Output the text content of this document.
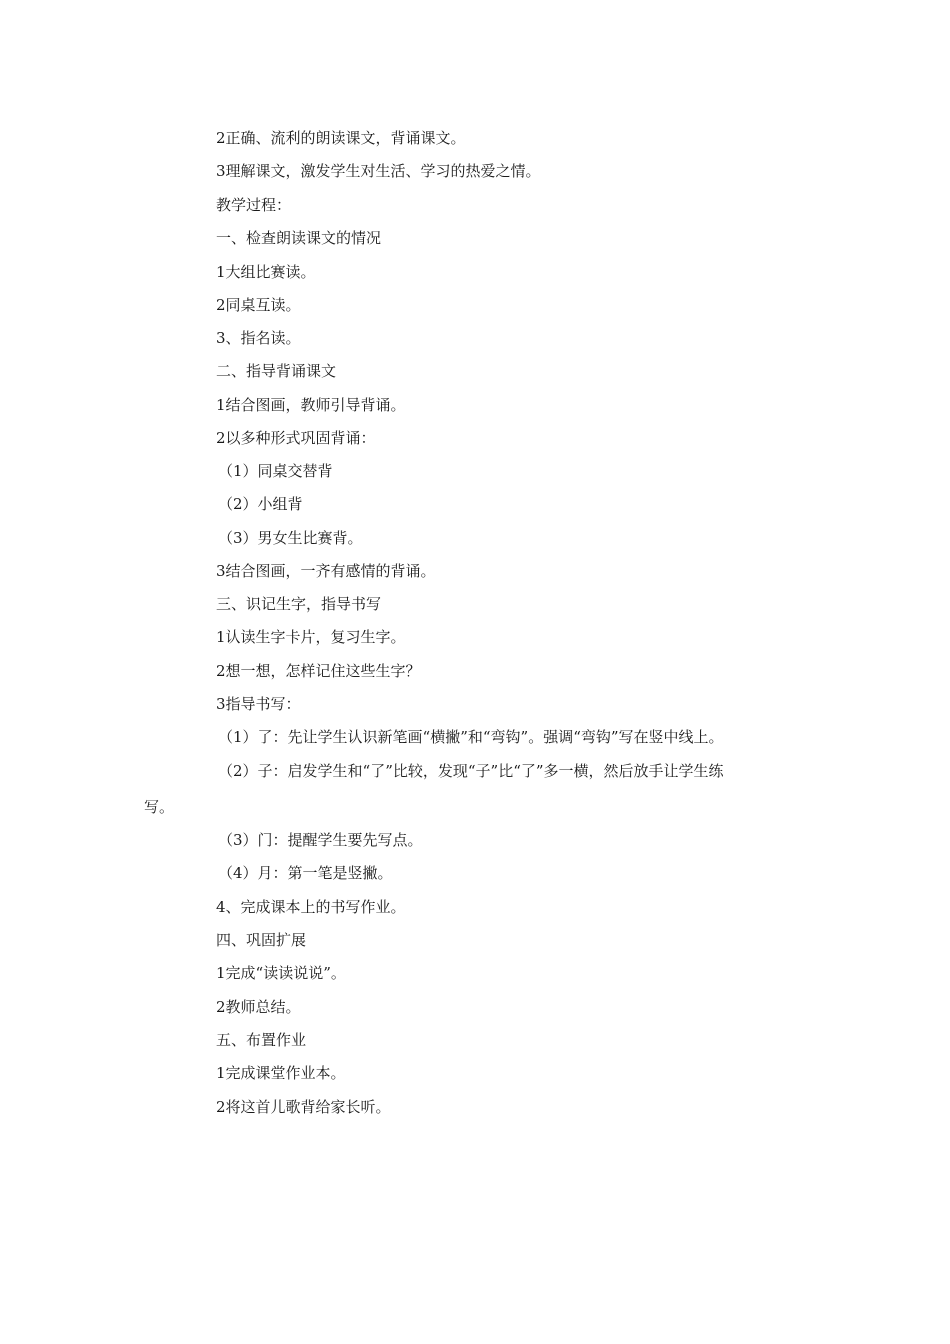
2正确、流利的朗读课文，背诵课文。
3理解课文，激发学生对生活、学习的热爱之情。
教学过程：
一、检查朗读课文的情况
1大组比赛读。
2同桌互读。
3、指名读。
二、指导背诵课文
1结合图画，教师引导背诵。
2以多种形式巩固背诵：
（1）同桌交替背
（2）小组背
（3）男女生比赛背。
3结合图画，一齐有感情的背诵。
三、识记生字，指导书写
1认读生字卡片，复习生字。
2想一想，怎样记住这些生字？
3指导书写：
（1）了：先让学生认识新笔画“横撇”和“弯钩”。强调“弯钩”写在竖中线上。
（2）子：启发学生和“了”比较，发现“子”比“了”多一横，然后放手让学生练
写。
（3）门：提醒学生要先写点。
（4）月：第一笔是竖撇。
4、完成课本上的书写作业。
四、巩固扩展
1完成“读读说说”。
2教师总结。
五、布置作业
1完成课堂作业本。
2将这首儿歌背给家长听。
